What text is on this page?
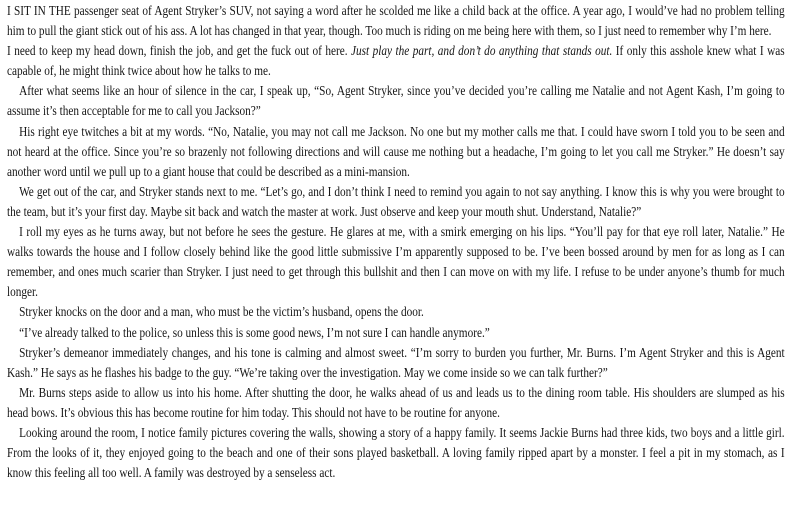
I SIT IN THE passenger seat of Agent Stryker’s SUV, not saying a word after he scolded me like a child back at the office. A year ago, I would’ve had no problem telling him to pull the giant stick out of his ass. A lot has changed in that year, though. Too much is riding on me being here with them, so I just need to remember why I’m here.

I need to keep my head down, finish the job, and get the fuck out of here. Just play the part, and don’t do anything that stands out. If only this asshole knew what I was capable of, he might think twice about how he talks to me.

After what seems like an hour of silence in the car, I speak up, “So, Agent Stryker, since you’ve decided you’re calling me Natalie and not Agent Kash, I’m going to assume it’s then acceptable for me to call you Jackson?”

His right eye twitches a bit at my words. “No, Natalie, you may not call me Jackson. No one but my mother calls me that. I could have sworn I told you to be seen and not heard at the office. Since you’re so brazenly not following directions and will cause me nothing but a headache, I’m going to let you call me Stryker.” He doesn’t say another word until we pull up to a giant house that could be described as a mini-mansion.

We get out of the car, and Stryker stands next to me. “Let’s go, and I don’t think I need to remind you again to not say anything. I know this is why you were brought to the team, but it’s your first day. Maybe sit back and watch the master at work. Just observe and keep your mouth shut. Understand, Natalie?”

I roll my eyes as he turns away, but not before he sees the gesture. He glares at me, with a smirk emerging on his lips. “You’ll pay for that eye roll later, Natalie.” He walks towards the house and I follow closely behind like the good little submissive I’m apparently supposed to be. I’ve been bossed around by men for as long as I can remember, and ones much scarier than Stryker. I just need to get through this bullshit and then I can move on with my life. I refuse to be under anyone’s thumb for much longer.

Stryker knocks on the door and a man, who must be the victim’s husband, opens the door.

“I’ve already talked to the police, so unless this is some good news, I’m not sure I can handle anymore.”

Stryker’s demeanor immediately changes, and his tone is calming and almost sweet. “I’m sorry to burden you further, Mr. Burns. I’m Agent Stryker and this is Agent Kash.” He says as he flashes his badge to the guy. “We’re taking over the investigation. May we come inside so we can talk further?”

Mr. Burns steps aside to allow us into his home. After shutting the door, he walks ahead of us and leads us to the dining room table. His shoulders are slumped as his head bows. It’s obvious this has become routine for him today. This should not have to be routine for anyone.

Looking around the room, I notice family pictures covering the walls, showing a story of a happy family. It seems Jackie Burns had three kids, two boys and a little girl. From the looks of it, they enjoyed going to the beach and one of their sons played basketball. A loving family ripped apart by a monster. I feel a pit in my stomach, as I know this feeling all too well. A family was destroyed by a senseless act.
